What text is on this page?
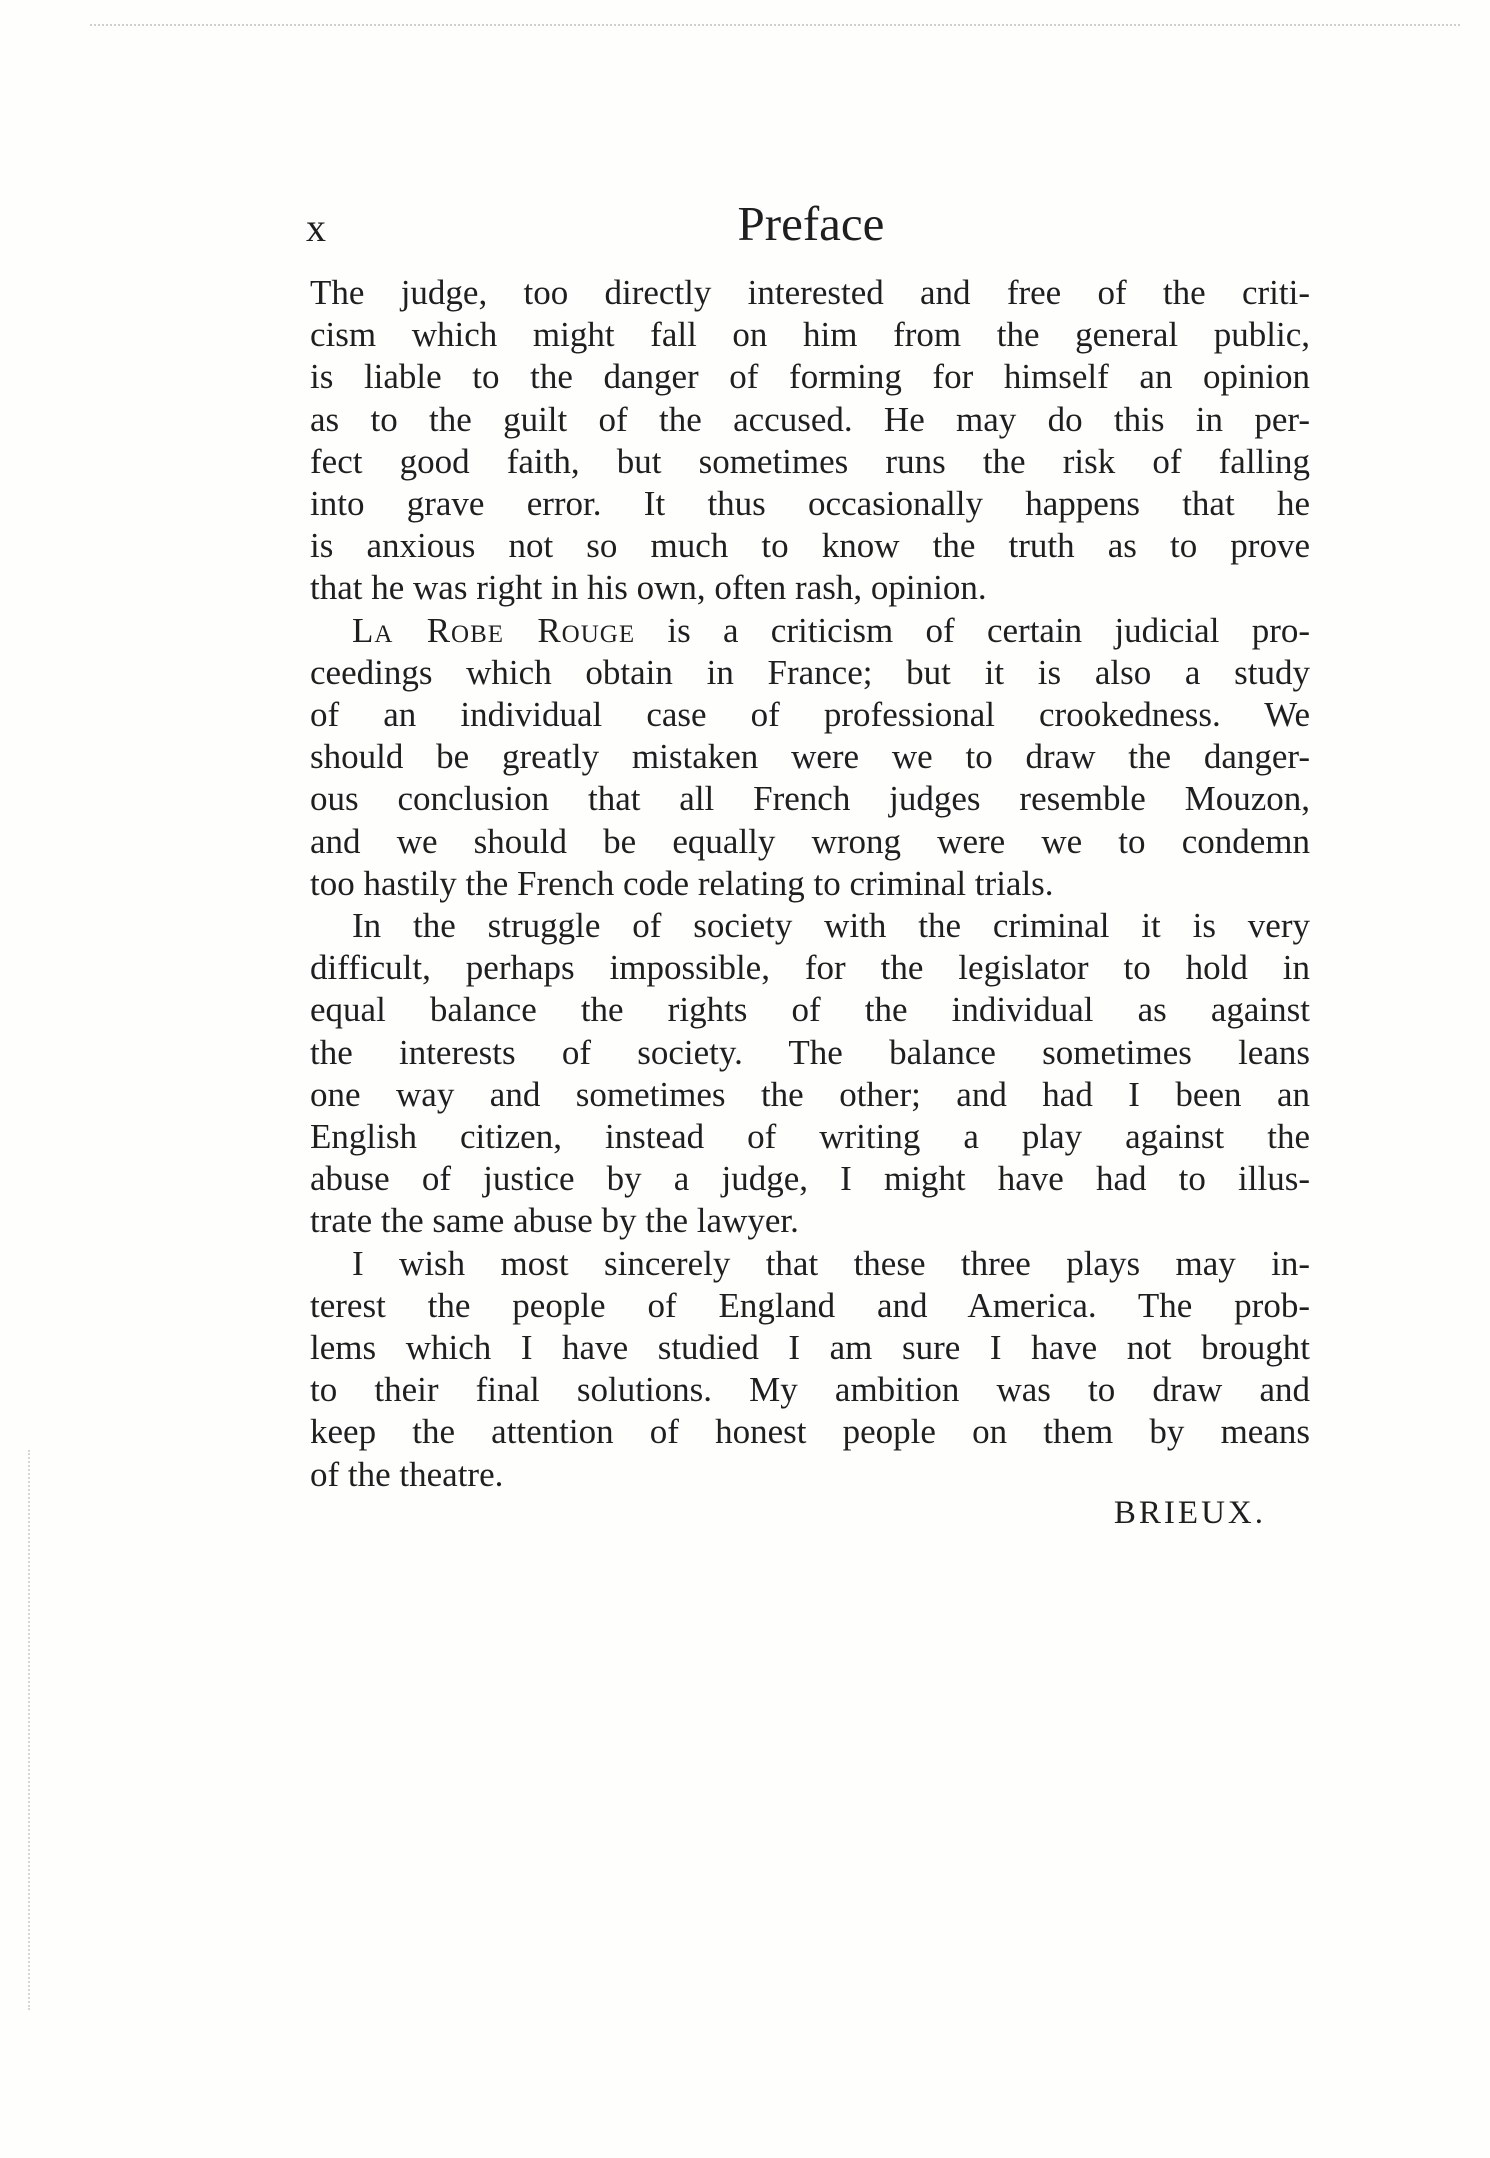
x	Preface

The judge, too directly interested and free of the criti-
cism which might fall on him from the general public,
is liable to the danger of forming for himself an opinion
as to the guilt of the accused. He may do this in per-
fect good faith, but sometimes runs the risk of falling
into grave error. It thus occasionally happens that he
is anxious not so much to know the truth as to prove
that he was right in his own, often rash, opinion.

La Robe Rouge is a criticism of certain judicial pro-
ceedings which obtain in France; but it is also a study
of an individual case of professional crookedness. We
should be greatly mistaken were we to draw the danger-
ous conclusion that all French judges resemble Mouzon,
and we should be equally wrong were we to condemn
too hastily the French code relating to criminal trials.

In the struggle of society with the criminal it is very
difficult, perhaps impossible, for the legislator to hold in
equal balance the rights of the individual as against
the interests of society. The balance sometimes leans
one way and sometimes the other; and had I been an
English citizen, instead of writing a play against the
abuse of justice by a judge, I might have had to illus-
trate the same abuse by the lawyer.

I wish most sincerely that these three plays may in-
terest the people of England and America. The prob-
lems which I have studied I am sure I have not brought
to their final solutions. My ambition was to draw and
keep the attention of honest people on them by means
of the theatre.

BRIEUX.
